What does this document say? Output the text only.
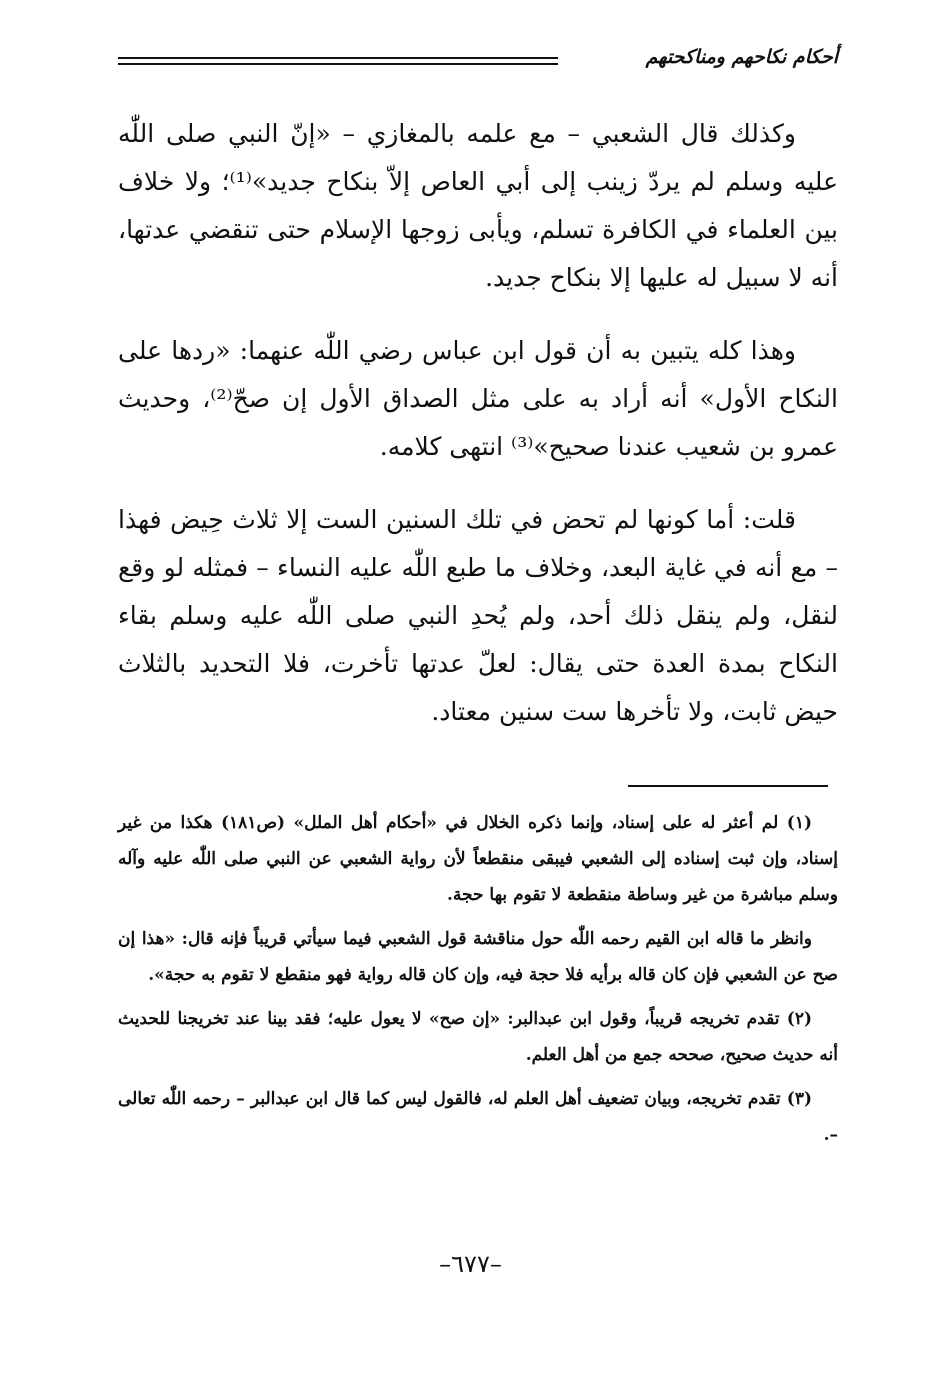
أحكام نكاحهم ومناكحتهم

وكذلك قال الشعبي – مع علمه بالمغازي – «إنّ النبي صلى اللّٰه عليه وسلم لم يردّ زينب إلى أبي العاص إلاّ بنكاح جديد»⁽¹⁾؛ ولا خلاف بين العلماء في الكافرة تسلم، ويأبى زوجها الإسلام حتى تنقضي عدتها، أنه لا سبيل له عليها إلا بنكاح جديد.

وهذا كله يتبين به أن قول ابن عباس رضي اللّٰه عنهما: «ردها على النكاح الأول» أنه أراد به على مثل الصداق الأول إن صحّ⁽²⁾، وحديث عمرو بن شعيب عندنا صحيح»⁽³⁾ انتهى كلامه.

قلت: أما كونها لم تحض في تلك السنين الست إلا ثلاث حِيض فهذا – مع أنه في غاية البعد، وخلاف ما طبع اللّٰه عليه النساء – فمثله لو وقع لنقل، ولم ينقل ذلك أحد، ولم يُحدِ النبي صلى اللّٰه عليه وسلم بقاء النكاح بمدة العدة حتى يقال: لعلّ عدتها تأخرت، فلا التحديد بالثلاث حيض ثابت، ولا تأخرها ست سنين معتاد.

(١) لم أعثر له على إسناد، وإنما ذكره الخلال في «أحكام أهل الملل» (ص١٨١) هكذا من غير إسناد، وإن ثبت إسناده إلى الشعبي فيبقى منقطعاً لأن رواية الشعبي عن النبي صلى اللّٰه عليه وآله وسلم مباشرة من غير وساطة منقطعة لا تقوم بها حجة.

وانظر ما قاله ابن القيم رحمه اللّٰه حول مناقشة قول الشعبي فيما سيأتي قريباً فإنه قال: «هذا إن صح عن الشعبي فإن كان قاله برأيه فلا حجة فيه، وإن كان قاله رواية فهو منقطع لا تقوم به حجة».

(٢) تقدم تخريجه قريباً، وقول ابن عبدالبر: «إن صح» لا يعول عليه؛ فقد بينا عند تخريجنا للحديث أنه حديث صحيح، صححه جمع من أهل العلم.

(٣) تقدم تخريجه، وبيان تضعيف أهل العلم له، فالقول ليس كما قال ابن عبدالبر – رحمه اللّٰه تعالى –.

–٦٧٧–
